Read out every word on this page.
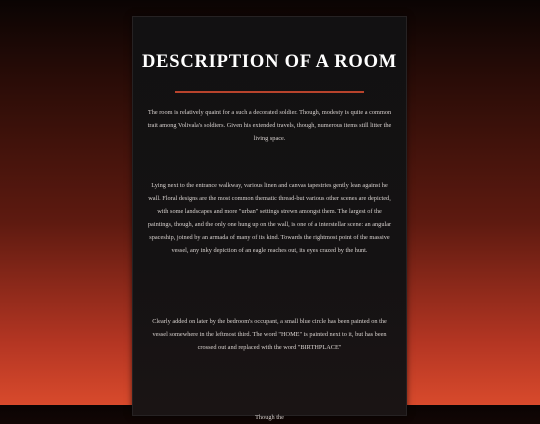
DESCRIPTION OF A ROOM
The room is relatively quaint for a such a decorated soldier. Though, modesty is quite a common trait among Volivala's soldiers. Given his extended travels, though, numerous items still litter the living space.
Lying next to the entrance walkway, various linen and canvas tapestries gently lean against he wall. Floral designs are the most common thematic thread-but various other scenes are depicted, with some landscapes and more "urban" settings strewn amongst them. The largest of the paintings, though, and the only one hung up on the wall, is one of a interstellar scene: an angular spaceship, joined by an armada of many of its kind. Towards the rightmost point of the massive vessel, any inky depiction of an eagle reaches out, its eyes crazed by the hunt.
Clearly added on later by the bedroom's occupant, a small blue circle has been painted on the vessel somewhere in the leftmost third. The word "HOME" is painted next to it, but has been crossed out and replaced with the word "BIRTHPLACE"
Though the
